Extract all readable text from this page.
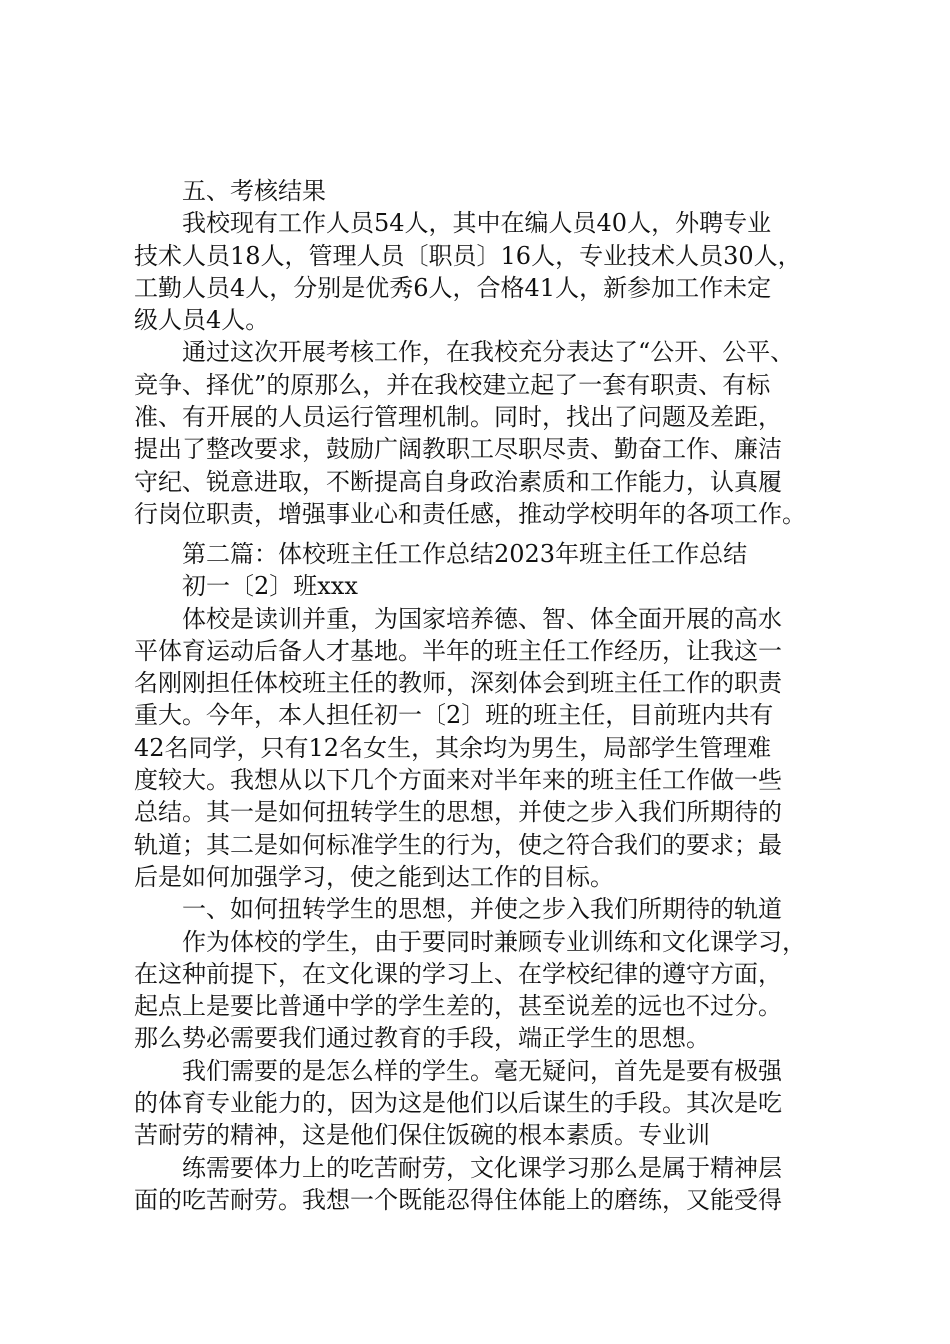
五、考核结果
我校现有工作人员54人，其中在编人员40人，外聘专业
技术人员18人，管理人员〔职员〕16人，专业技术人员30人，
工勤人员4人，分别是优秀6人，合格41人，新参加工作未定
级人员4人。
通过这次开展考核工作，在我校充分表达了“公开、公平、
竞争、择优”的原那么，并在我校建立起了一套有职责、有标
准、有开展的人员运行管理机制。同时，找出了问题及差距，
提出了整改要求，鼓励广阔教职工尽职尽责、勤奋工作、廉洁
守纪、锐意进取，不断提高自身政治素质和工作能力，认真履
行岗位职责，增强事业心和责任感，推动学校明年的各项工作。
第二篇：体校班主任工作总结2023年班主任工作总结
初一〔2〕班xxx
体校是读训并重，为国家培养德、智、体全面开展的高水
平体育运动后备人才基地。半年的班主任工作经历，让我这一
名刚刚担任体校班主任的教师，深刻体会到班主任工作的职责
重大。今年，本人担任初一〔2〕班的班主任，目前班内共有
42名同学，只有12名女生，其余均为男生，局部学生管理难
度较大。我想从以下几个方面来对半年来的班主任工作做一些
总结。其一是如何扭转学生的思想，并使之步入我们所期待的
轨道；其二是如何标准学生的行为，使之符合我们的要求；最
后是如何加强学习，使之能到达工作的目标。
一、如何扭转学生的思想，并使之步入我们所期待的轨道
作为体校的学生，由于要同时兼顾专业训练和文化课学习，
在这种前提下，在文化课的学习上、在学校纪律的遵守方面，
起点上是要比普通中学的学生差的，甚至说差的远也不过分。
那么势必需要我们通过教育的手段，端正学生的思想。
我们需要的是怎么样的学生。毫无疑问，首先是要有极强
的体育专业能力的，因为这是他们以后谋生的手段。其次是吃
苦耐劳的精神，这是他们保住饭碗的根本素质。专业训
练需要体力上的吃苦耐劳，文化课学习那么是属于精神层
面的吃苦耐劳。我想一个既能忍得住体能上的磨练，又能受得
